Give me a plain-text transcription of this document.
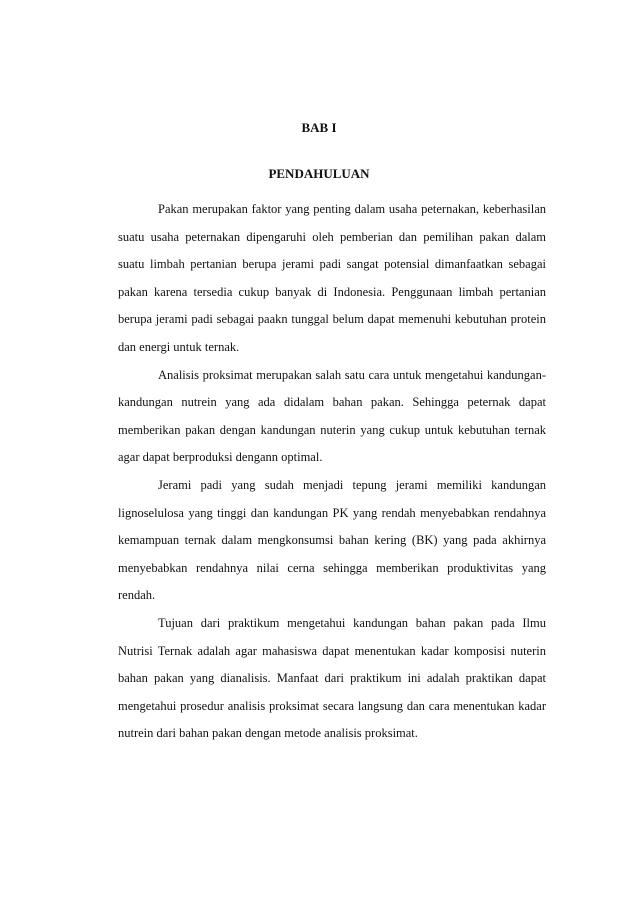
BAB I
PENDAHULUAN

Pakan merupakan faktor yang penting dalam usaha peternakan, keberhasilan suatu usaha peternakan dipengaruhi oleh pemberian dan pemilihan pakan dalam suatu limbah pertanian berupa jerami padi sangat potensial dimanfaatkan sebagai pakan karena tersedia cukup banyak di Indonesia. Penggunaan limbah pertanian berupa jerami padi sebagai paakn tunggal belum dapat memenuhi kebutuhan protein dan energi untuk ternak.

Analisis proksimat merupakan salah satu cara untuk mengetahui kandungan-kandungan nutrein yang ada didalam bahan pakan. Sehingga peternak dapat memberikan pakan dengan kandungan nuterin yang cukup untuk kebutuhan ternak agar dapat berproduksi dengann optimal.

Jerami padi yang sudah menjadi tepung jerami memiliki kandungan lignoselulosa yang tinggi dan kandungan PK yang rendah menyebabkan rendahnya kemampuan ternak dalam mengkonsumsi bahan kering (BK) yang pada akhirnya menyebabkan rendahnya nilai cerna sehingga memberikan produktivitas yang rendah.

Tujuan dari praktikum mengetahui kandungan bahan pakan pada Ilmu Nutrisi Ternak adalah agar mahasiswa dapat menentukan kadar komposisi nuterin bahan pakan yang dianalisis. Manfaat dari praktikum ini adalah praktikan dapat mengetahui prosedur analisis proksimat secara langsung dan cara menentukan kadar nutrein dari bahan pakan dengan metode analisis proksimat.
